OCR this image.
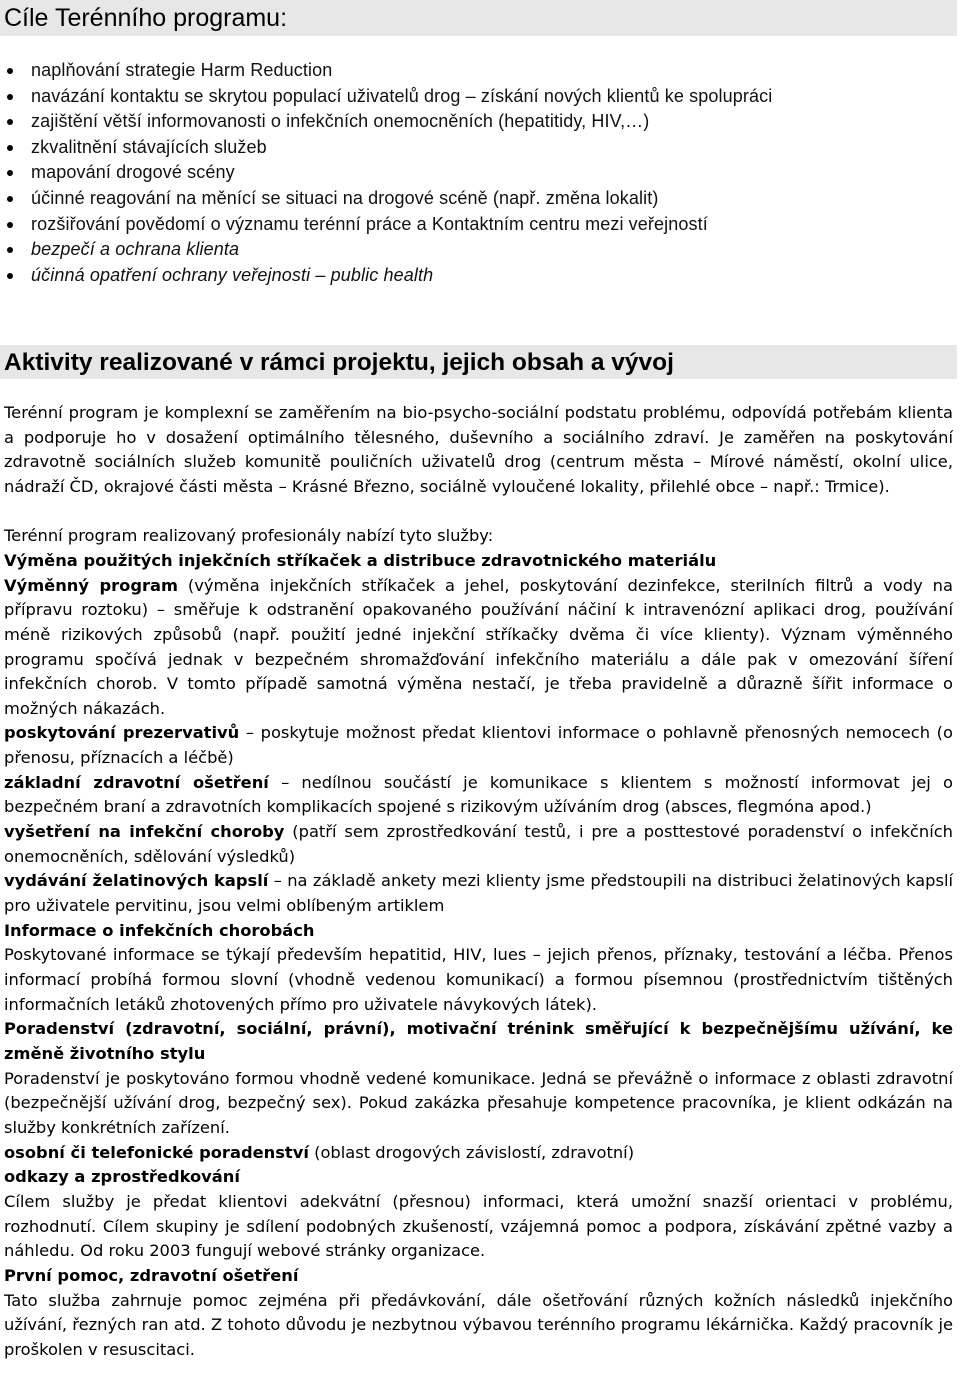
Cíle Terénního programu:
naplňování strategie Harm Reduction
navázání kontaktu se skrytou populací uživatelů drog – získání nových klientů ke spolupráci
zajištění větší informovanosti o infekčních onemocněních (hepatitidy, HIV,…)
zkvalitnění stávajících služeb
mapování drogové scény
účinné reagování na měnící se situaci na drogové scéně (např. změna lokalit)
rozšiřování povědomí o významu terénní práce a Kontaktním centru mezi veřejností
bezpečí a ochrana klienta
účinná opatření ochrany veřejnosti – public health
Aktivity realizované v rámci projektu, jejich obsah a vývoj

Terénní program je komplexní se zaměřením na bio-psycho-sociální podstatu problému, odpovídá potřebám klienta a podporuje ho v dosažení optimálního tělesného, duševního a sociálního zdraví. Je zaměřen na poskytování zdravotně sociálních služeb komunitě pouličních uživatelů drog (centrum města – Mírové náměstí, okolní ulice, nádraží ČD, okrajové části města – Krásné Březno, sociálně vyloučené lokality, přilehlé obce – např.: Trmice).

Terénní program realizovaný profesionály nabízí tyto služby:

Výměna použitých injekčních stříkaček a distribuce zdravotnického materiálu

Výměnný program (výměna injekčních stříkaček a jehel, poskytování dezinfekce, sterilních filtrů a vody na přípravu roztoku) – směřuje k odstranění opakovaného používání náčiní k intravenózní aplikaci drog, používání méně rizikových způsobů (např. použití jedné injekční stříkačky dvěma či více klienty). Význam výměnného programu spočívá jednak v bezpečném shromažďování infekčního materiálu a dále pak v omezování šíření infekčních chorob. V tomto případě samotná výměna nestačí, je třeba pravidelně a důrazně šířit informace o možných nákazách.

poskytování prezervativů – poskytuje možnost předat klientovi informace o pohlavně přenosných nemocech (o přenosu, příznacích a léčbě)

základní zdravotní ošetření – nedílnou součástí je komunikace s klientem s možností informovat jej o bezpečném braní a zdravotních komplikacích spojené s rizikovým užíváním drog (absces, flegmóna apod.)

vyšetření na infekční choroby (patří sem zprostředkování testů, i pre a posttestové poradenství o infekčních onemocněních, sdělování výsledků)

vydávání želatinových kapslí – na základě ankety mezi klienty jsme předstoupili na distribuci želatinových kapslí pro uživatele pervitinu, jsou velmi oblíbeným artiklem

Informace o infekčních chorobách

Poskytované informace se týkají především hepatitid, HIV, lues – jejich přenos, příznaky, testování a léčba. Přenos informací probíhá formou slovní (vhodně vedenou komunikací) a formou písemnou (prostřednictvím tištěných informačních letáků zhotovených přímo pro uživatele návykových látek).

Poradenství (zdravotní, sociální, právní), motivační trénink směřující k bezpečnějšímu užívání, ke změně životního stylu

Poradenství je poskytováno formou vhodně vedené komunikace. Jedná se převážně o informace z oblasti zdravotní (bezpečnější užívání drog, bezpečný sex). Pokud zakázka přesahuje kompetence pracovníka, je klient odkázán na služby konkrétních zařízení.

osobní či telefonické poradenství (oblast drogových závislostí, zdravotní)

odkazy a zprostředkování

Cílem služby je předat klientovi adekvátní (přesnou) informaci, která umožní snazší orientaci v problému, rozhodnutí. Cílem skupiny je sdílení podobných zkušeností, vzájemná pomoc a podpora, získávání zpětné vazby a náhledu. Od roku 2003 fungují webové stránky organizace.

První pomoc, zdravotní ošetření

Tato služba zahrnuje pomoc zejména při předávkování, dále ošetřování různých kožních následků injekčního užívání, řezných ran atd. Z tohoto důvodu je nezbytnou výbavou terénního programu lékárnička. Každý pracovník je proškolen v resuscitaci.
